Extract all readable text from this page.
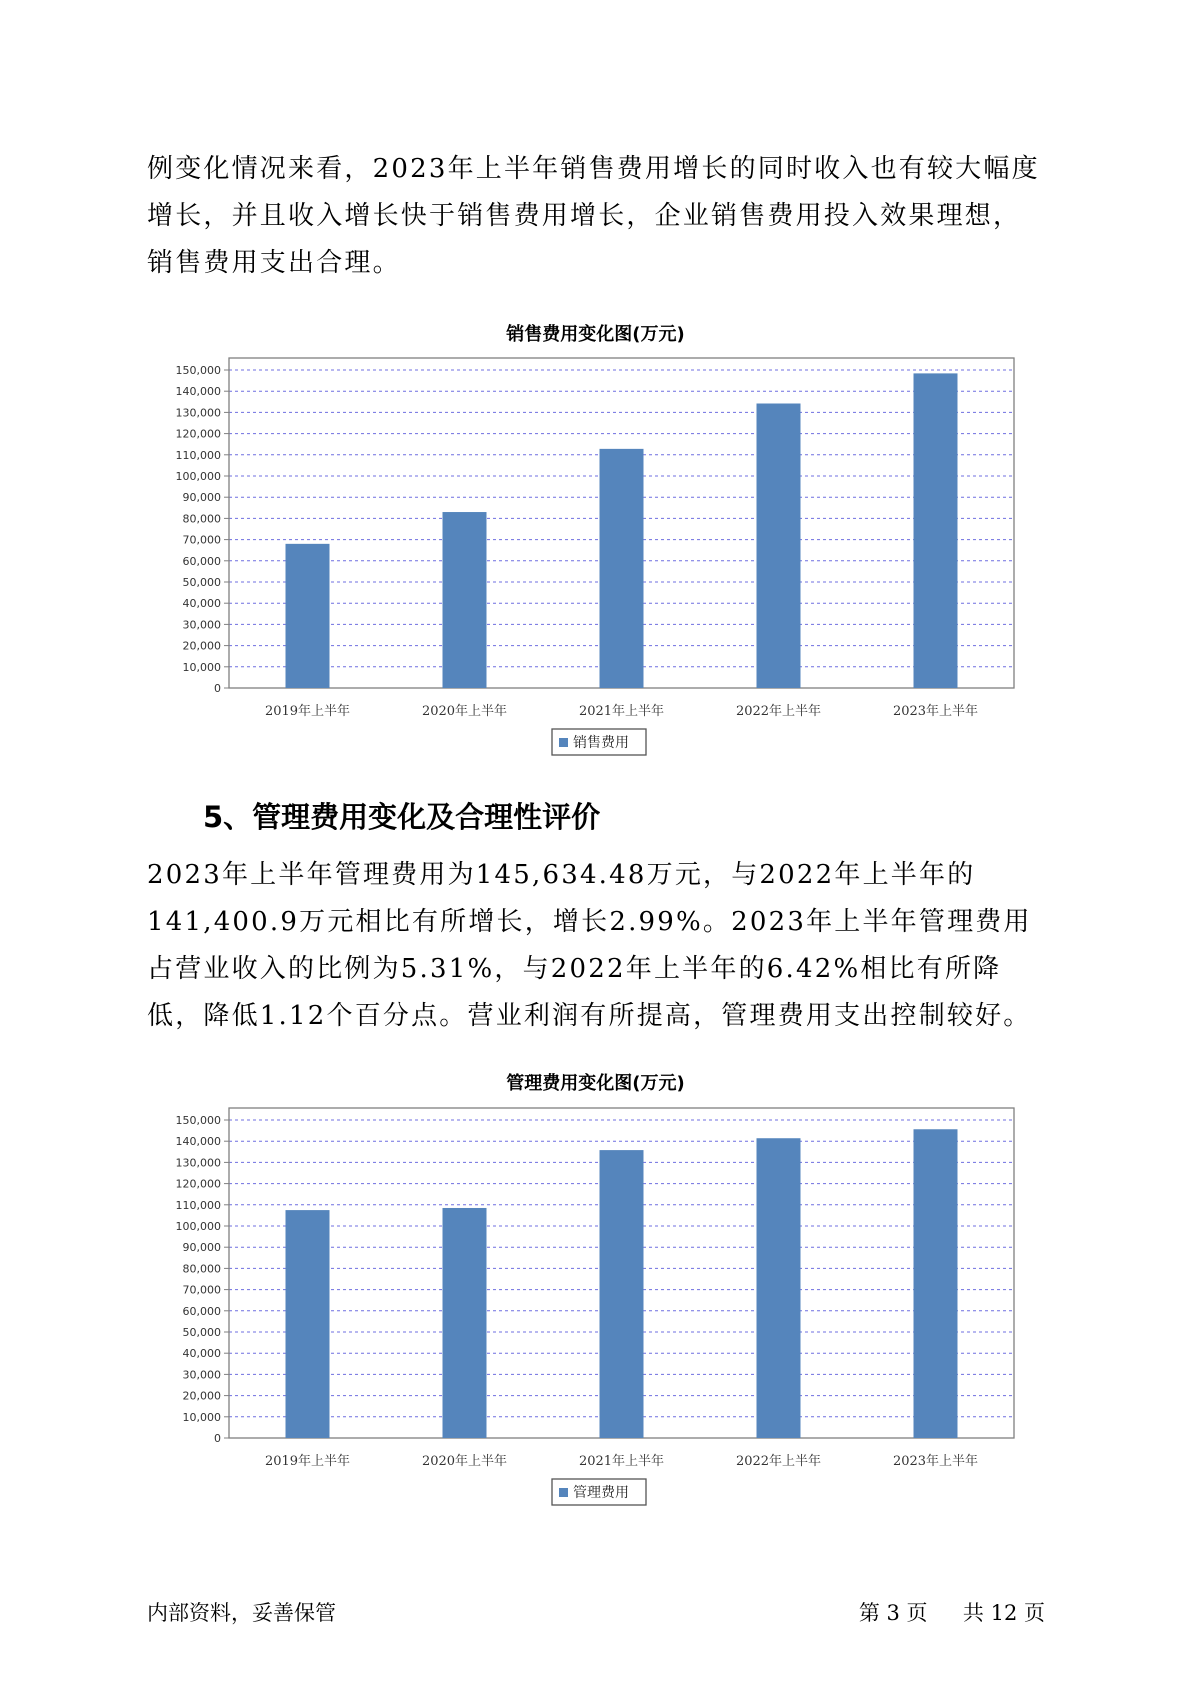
例变化情况来看，2023年上半年销售费用增长的同时收入也有较大幅度增长，并且收入增长快于销售费用增长，企业销售费用投入效果理想，销售费用支出合理。

销售费用变化图(万元)
0
10,000
20,000
30,000
40,000
50,000
60,000
70,000
80,000
90,000
100,000
110,000
120,000
130,000
140,000
150,000
2019年上半年	2020年上半年	2021年上半年	2022年上半年	2023年上半年
销售费用
5、管理费用变化及合理性评价

2023年上半年管理费用为145,634.48万元，与2022年上半年的141,400.9万元相比有所增长，增长2.99%。2023年上半年管理费用占营业收入的比例为5.31%，与2022年上半年的6.42%相比有所降低，降低1.12个百分点。营业利润有所提高，管理费用支出控制较好。

管理费用变化图(万元)
0
10,000
20,000
30,000
40,000
50,000
60,000
70,000
80,000
90,000
100,000
110,000
120,000
130,000
140,000
150,000
2019年上半年	2020年上半年	2021年上半年	2022年上半年	2023年上半年
管理费用
内部资料，妥善保管	第 3 页 共 12 页
